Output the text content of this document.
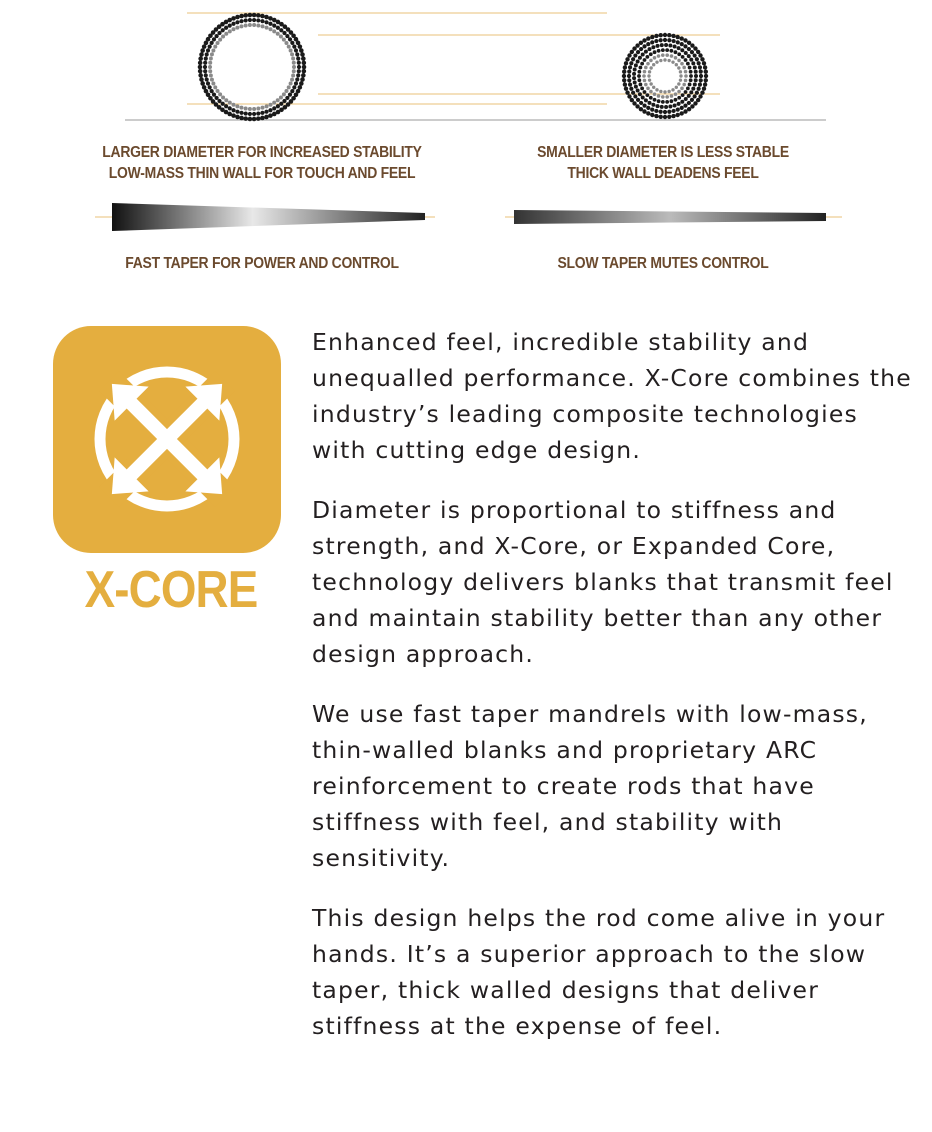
LARGER DIAMETER FOR INCREASED STABILITY
LOW-MASS THIN WALL FOR TOUCH AND FEEL
SMALLER DIAMETER IS LESS STABLE
THICK WALL DEADENS FEEL
FAST TAPER FOR POWER AND CONTROL	SLOW TAPER MUTES CONTROL
X-CORE

Enhanced feel, incredible stability and unequalled performance. X-Core combines the industry’s leading composite technologies with cutting edge design.

Diameter is proportional to stiffness and strength, and X-Core, or Expanded Core, technology delivers blanks that transmit feel and maintain stability better than any other design approach.

We use fast taper mandrels with low-mass, thin-walled blanks and proprietary ARC reinforcement to create rods that have stiffness with feel, and stability with sensitivity.

This design helps the rod come alive in your hands. It’s a superior approach to the slow taper, thick walled designs that deliver stiffness at the expense of feel.
